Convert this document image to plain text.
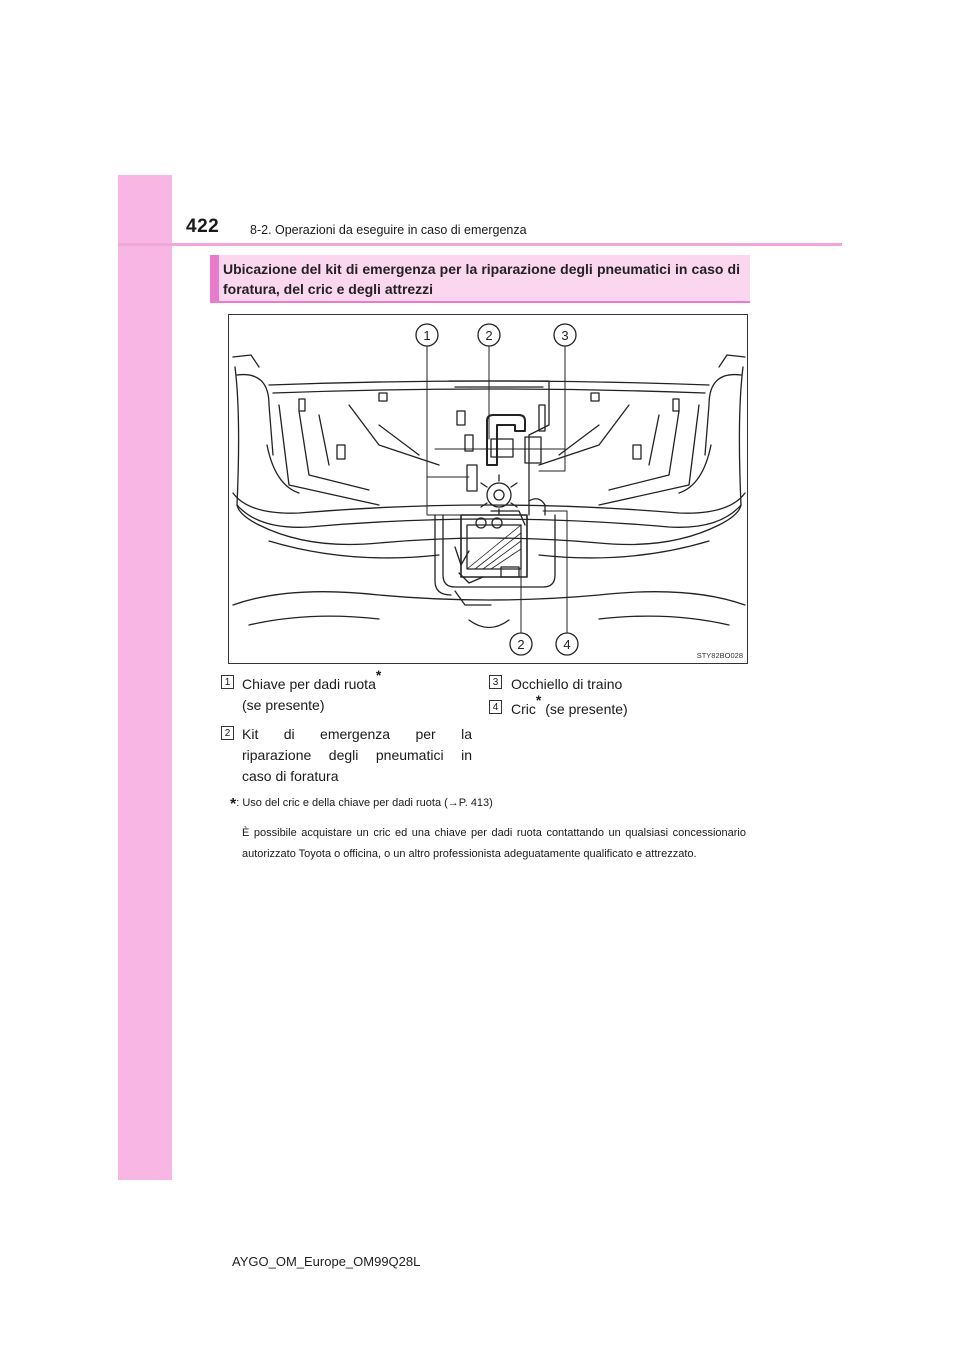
422 8-2. Operazioni da eseguire in caso di emergenza
Ubicazione del kit di emergenza per la riparazione degli pneumatici in caso di foratura, del cric e degli attrezzi
1	2	3
2	4
STY82BO028
1 Chiave per dadi ruota*
(se presente)
2 Kit di emergenza per la
riparazione degli pneumatici in
caso di foratura
3 Occhiello di traino
4 Cric* (se presente)
*: Uso del cric e della chiave per dadi ruota (→P. 413)
È possibile acquistare un cric ed una chiave per dadi ruota contattando un qualsiasi concessionario autorizzato Toyota o officina, o un altro professionista adeguatamente qualificato e attrezzato.
AYGO_OM_Europe_OM99Q28L
